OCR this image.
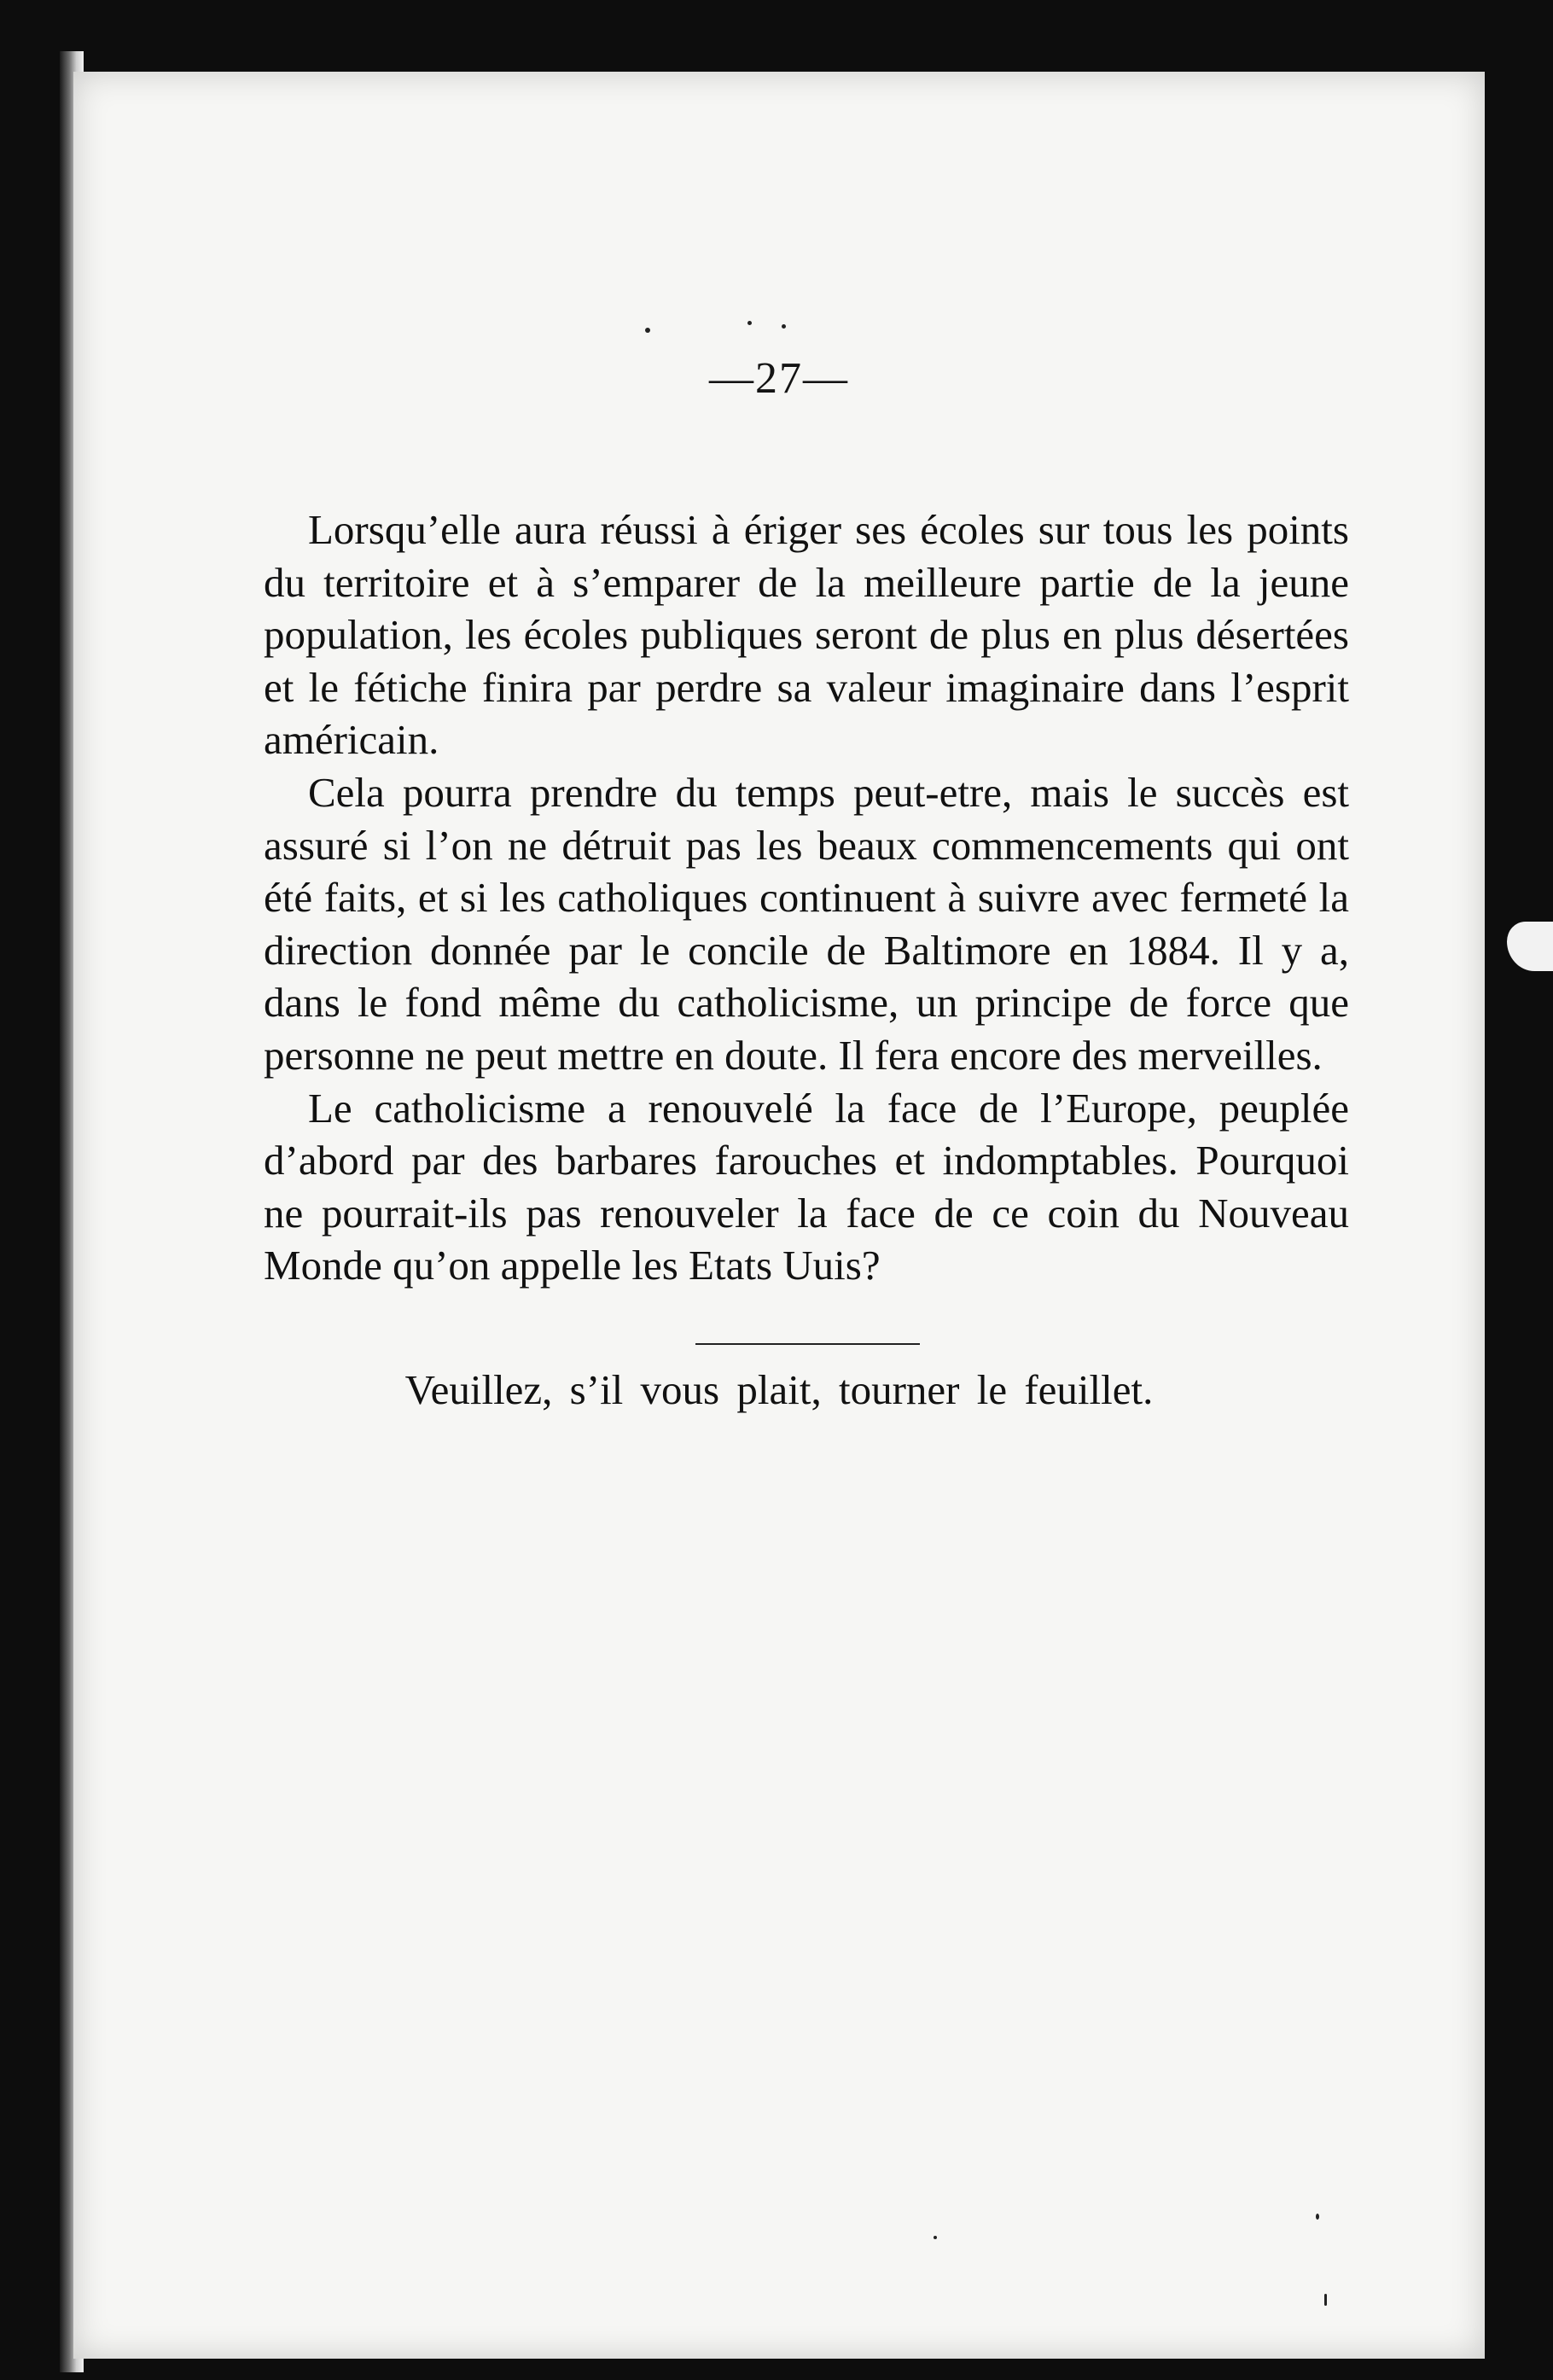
—27—

Lorsqu’elle aura réussi à ériger ses écoles sur tous les points du territoire et à s’emparer de la meilleure partie de la jeune population, les écoles publiques seront de plus en plus désertées et le fétiche finira par perdre sa valeur imaginaire dans l’esprit américain.

Cela pourra prendre du temps peut-etre, mais le succès est assuré si l’on ne détruit pas les beaux commencements qui ont été faits, et si les catholiques continuent à suivre avec fermeté la direction donnée par le concile de Baltimore en 1884. Il y a, dans le fond même du catholicisme, un principe de force que personne ne peut mettre en doute. Il fera encore des merveilles.

Le catholicisme a renouvelé la face de l’Europe, peuplée d’abord par des barbares farouches et indomptables. Pourquoi ne pourrait-ils pas renouveler la face de ce coin du Nouveau Monde qu’on appelle les Etats Uuis?

Veuillez, s’il vous plait, tourner le feuillet.
